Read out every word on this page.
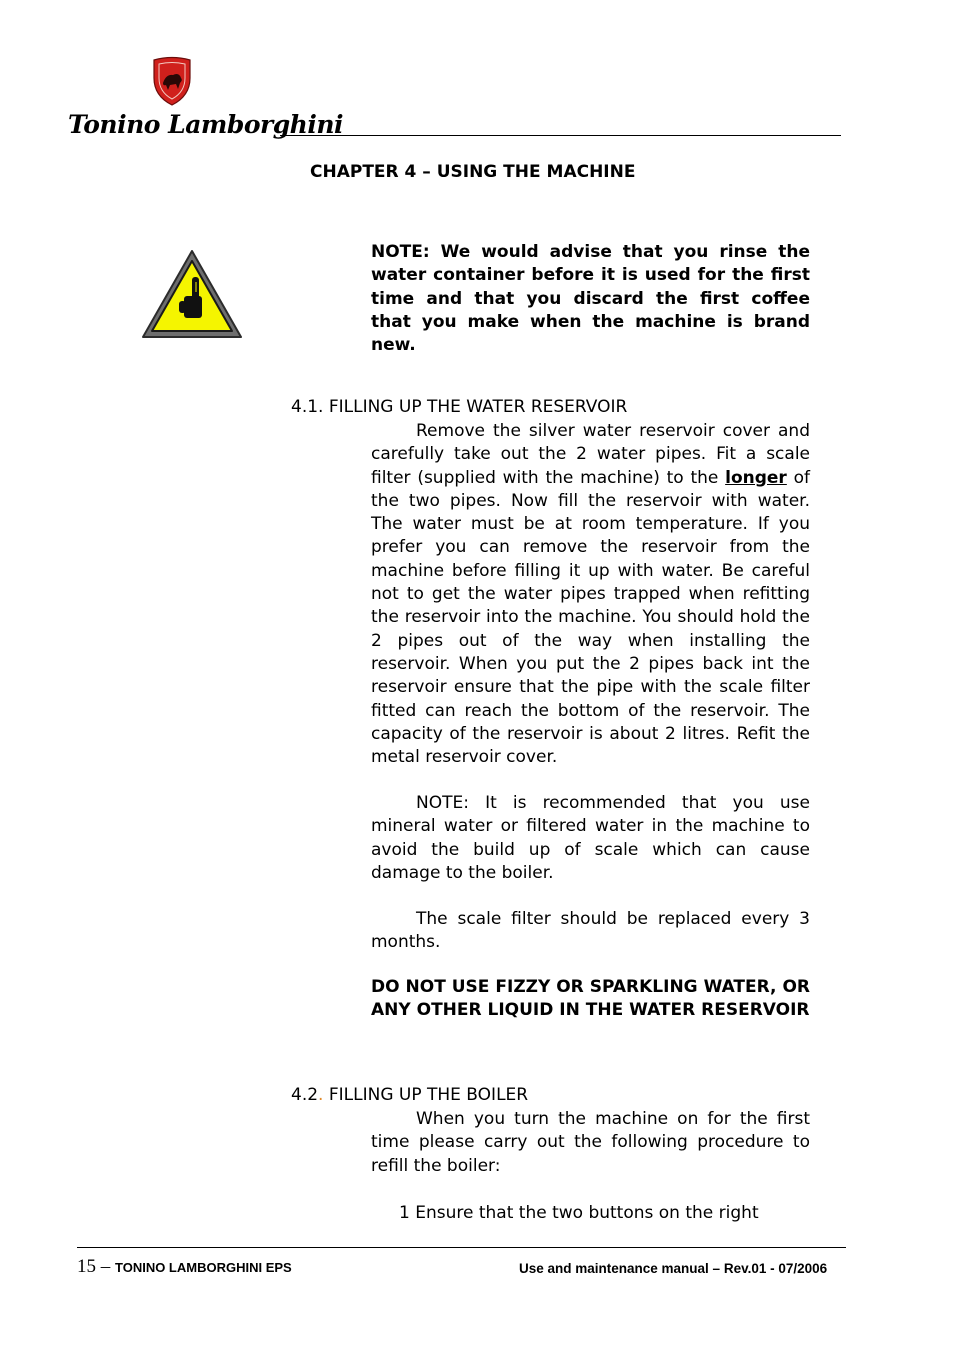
Tonino Lamborghini
CHAPTER 4 – USING THE MACHINE
NOTE: We would advise that you rinse the water container before it is used for the first time and that you discard the first coffee that you make when the machine is brand new.
4.1. FILLING UP THE WATER RESERVOIR
Remove the silver water reservoir cover and carefully take out the 2 water pipes. Fit a scale filter (supplied with the machine) to the longer of the two pipes. Now fill the reservoir with water. The water must be at room temperature. If you prefer you can remove the reservoir from the machine before filling it up with water. Be careful not to get the water pipes trapped when refitting the reservoir into the machine. You should hold the 2 pipes out of the way when installing the reservoir. When you put the 2 pipes back int the reservoir ensure that the pipe with the scale filter fitted can reach the bottom of the reservoir. The capacity of the reservoir is about 2 litres. Refit the metal reservoir cover.
NOTE: It is recommended that you use mineral water or filtered water in the machine to avoid the build up of scale which can cause damage to the boiler.
The scale filter should be replaced every 3 months.
DO NOT USE FIZZY OR SPARKLING WATER, OR ANY OTHER LIQUID IN THE WATER RESERVOIR
4.2. FILLING UP THE BOILER
When you turn the machine on for the first time please carry out the following procedure to refill the boiler:
1 Ensure that the two buttons on the right
15 – TONINO LAMBORGHINI EPS	Use and maintenance manual – Rev.01 - 07/2006
